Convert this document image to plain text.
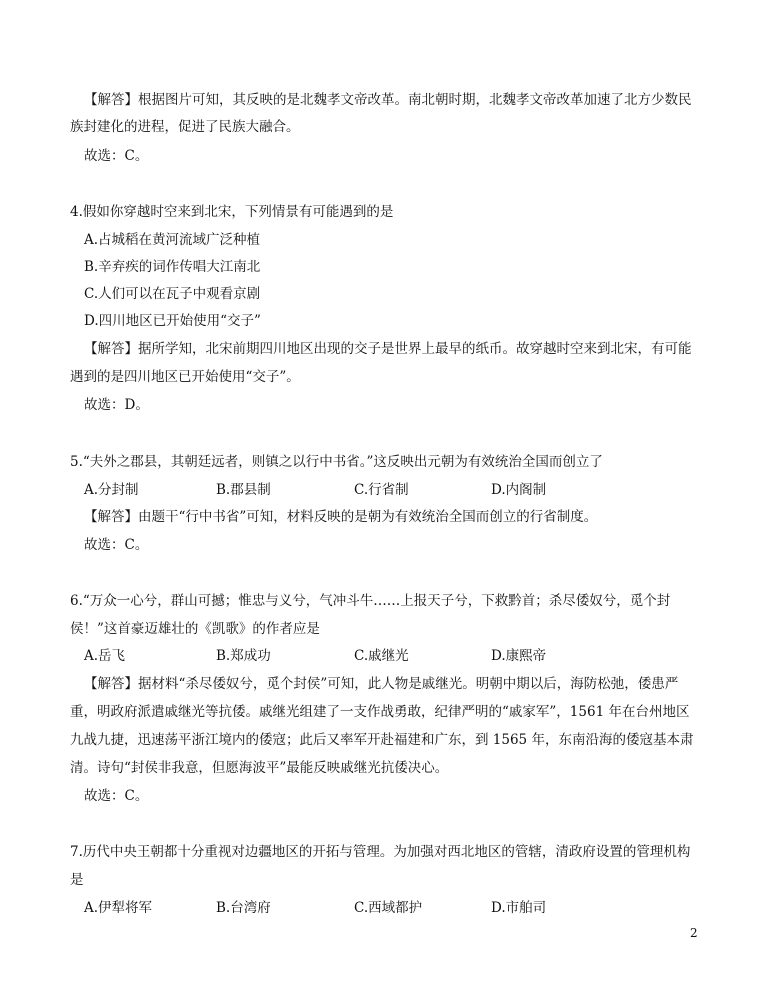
【解答】根据图片可知，其反映的是北魏孝文帝改革。南北朝时期，北魏孝文帝改革加速了北方少数民
族封建化的进程，促进了民族大融合。
故选：C。
4.假如你穿越时空来到北宋，下列情景有可能遇到的是
A.占城稻在黄河流域广泛种植
B.辛弃疾的词作传唱大江南北
C.人们可以在瓦子中观看京剧
D.四川地区已开始使用“交子”
【解答】据所学知，北宋前期四川地区出现的交子是世界上最早的纸币。故穿越时空来到北宋，有可能
遇到的是四川地区已开始使用“交子”。
故选：D。
5.“夫外之郡县，其朝廷远者，则镇之以行中书省。”这反映出元朝为有效统治全国而创立了
A.分封制	B.郡县制	C.行省制	D.内阁制
【解答】由题干“行中书省”可知，材料反映的是朝为有效统治全国而创立的行省制度。
故选：C。
6.“万众一心兮，群山可撼；惟忠与义兮，气冲斗牛……上报天子兮，下救黔首；杀尽倭奴兮，觅个封
侯！”这首豪迈雄壮的《凯歌》的作者应是
A.岳飞	B.郑成功	C.戚继光	D.康熙帝
【解答】据材料“杀尽倭奴兮，觅个封侯”可知，此人物是戚继光。明朝中期以后，海防松弛，倭患严
重，明政府派遣戚继光等抗倭。戚继光组建了一支作战勇敢，纪律严明的“戚家军”，1561 年在台州地区
九战九捷，迅速荡平浙江境内的倭寇；此后又率军开赴福建和广东，到 1565 年，东南沿海的倭寇基本肃
清。诗句“封侯非我意，但愿海波平”最能反映戚继光抗倭决心。
故选：C。
7.历代中央王朝都十分重视对边疆地区的开拓与管理。为加强对西北地区的管辖，清政府设置的管理机构
是
A.伊犁将军	B.台湾府	C.西域都护	D.市舶司
2
